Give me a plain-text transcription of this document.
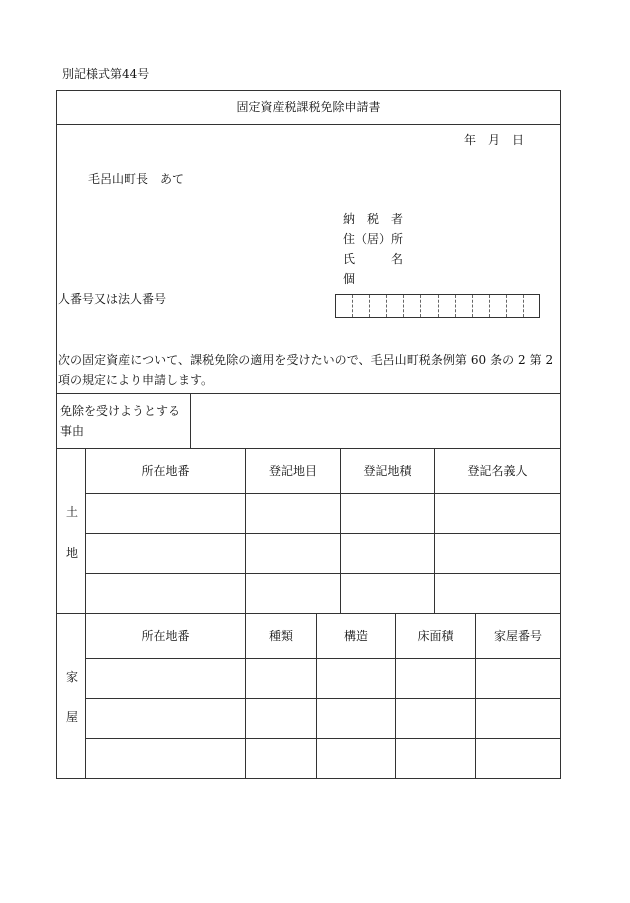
別記様式第44号
固定資産税課税免除申請書
年 月 日
毛呂山町長　あて
納　税　者
住（居）所
氏　　　名
個
人番号又は法人番号
次の固定資産について、課税免除の適用を受けたいので、毛呂山町税条例第 60 条の 2 第 2
項の規定により申請します。
免除を受けようとする
事由
土
地
所在地番	登記地目	登記地積	登記名義人
家
屋
所在地番	種類	構造	床面積	家屋番号
